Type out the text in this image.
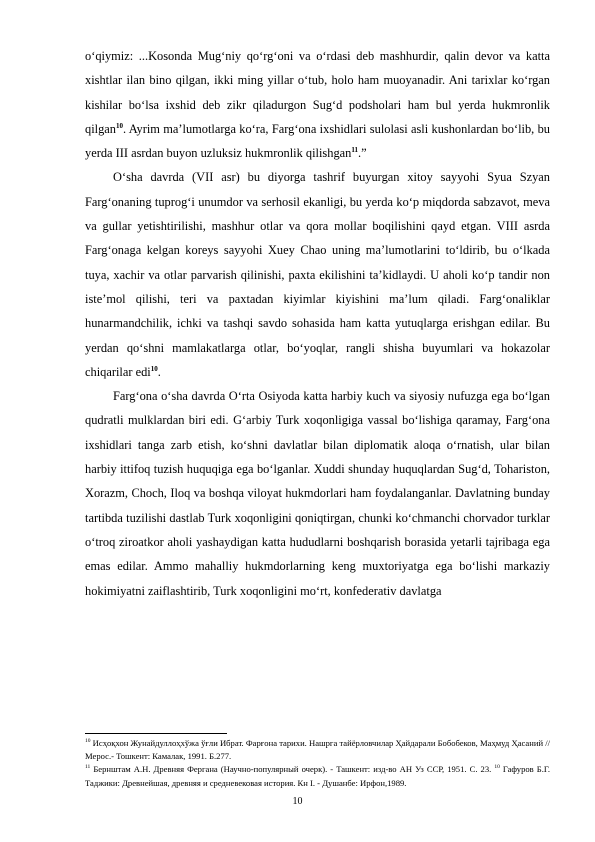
o‘qiymiz: ...Kosonda Mug‘niy qo‘rg‘oni va o‘rdasi deb mashhurdir, qalin devor va katta xishtlar ilan bino qilgan, ikki ming yillar o‘tub, holo ham muoyanadir. Ani tarixlar ko‘rgan kishilar bo‘lsa ixshid deb zikr qiladurgon Sug‘d podsholari ham bul yerda hukmronlik qilgan$^{10}$. Ayrim ma’lumotlarga ko‘ra, Farg‘ona ixshidlari sulolasi asli kushonlardan bo‘lib, bu yerda III asrdan buyon uzluksiz hukmronlik qilishgan$^{11}$.”

O‘sha davrda (VII asr) bu diyorga tashrif buyurgan xitoy sayyohi Syua Szyan Farg‘onaning tuprog‘i unumdor va serhosil ekanligi, bu yerda ko‘p miqdorda sabzavot, meva va gullar yetishtirilishi, mashhur otlar va qora mollar boqilishini qayd etgan. VIII asrda Farg‘onaga kelgan koreys sayyohi Xuey Chao uning ma’lumotlarini to‘ldirib, bu o‘lkada tuya, xachir va otlar parvarish qilinishi, paxta ekilishini ta’kidlaydi. U aholi ko‘p tandir non iste’mol qilishi, teri va paxtadan kiyimlar kiyishini ma’lum qiladi. Farg‘onaliklar hunarmandchilik, ichki va tashqi savdo sohasida ham katta yutuqlarga erishgan edilar. Bu yerdan qo‘shni mamlakatlarga otlar, bo‘yoqlar, rangli shisha buyumlari va hokazolar chiqarilar edi$^{10}$.

Farg‘ona o‘sha davrda O‘rta Osiyoda katta harbiy kuch va siyosiy nufuzga ega bo‘lgan qudratli mulklardan biri edi. G‘arbiy Turk xoqonligiga vassal bo‘lishiga qaramay, Farg‘ona ixshidlari tanga zarb etish, ko‘shni davlatlar bilan diplomatik aloqa o‘rnatish, ular bilan harbiy ittifoq tuzish huquqiga ega bo‘lganlar. Xuddi shunday huquqlardan Sug‘d, Tohariston, Xorazm, Choch, Iloq va boshqa viloyat hukmdorlari ham foydalanganlar. Davlatning bunday tartibda tuzilishi dastlab Turk xoqonligini qoniqtirgan, chunki ko‘chmanchi chorvador turklar o‘troq ziroatkor aholi yashaydigan katta hududlarni boshqarish borasida yetarli tajribaga ega emas edilar. Ammo mahalliy hukmdorlarning keng muxtoriyatga ega bo‘lishi markaziy hokimiyatni zaiflashtirib, Turk xoqonligini mo‘rt, konfederativ davlatga

$^{10}$ Исҳоқхон Жунайдуллоҳхўжа ўғли Ибрат. Фарғона тарихи. Нашрга тайёрловчилар Ҳайдарали Бобобеков, Маҳмуд Ҳасаний // Мерос.- Тошкент: Камалак, 1991. Б.277.

$^{11}$ Бернштам А.Н. Древняя Фергана (Научно-популярный очерк). - Ташкент: изд-во АН Уз ССР, 1951. С. 23. $^{10}$ Гафуров Б.Г. Таджики: Древнейшая, древняя и средневековая история. Кн I. - Душанбе: Ирфон,1989.

10
